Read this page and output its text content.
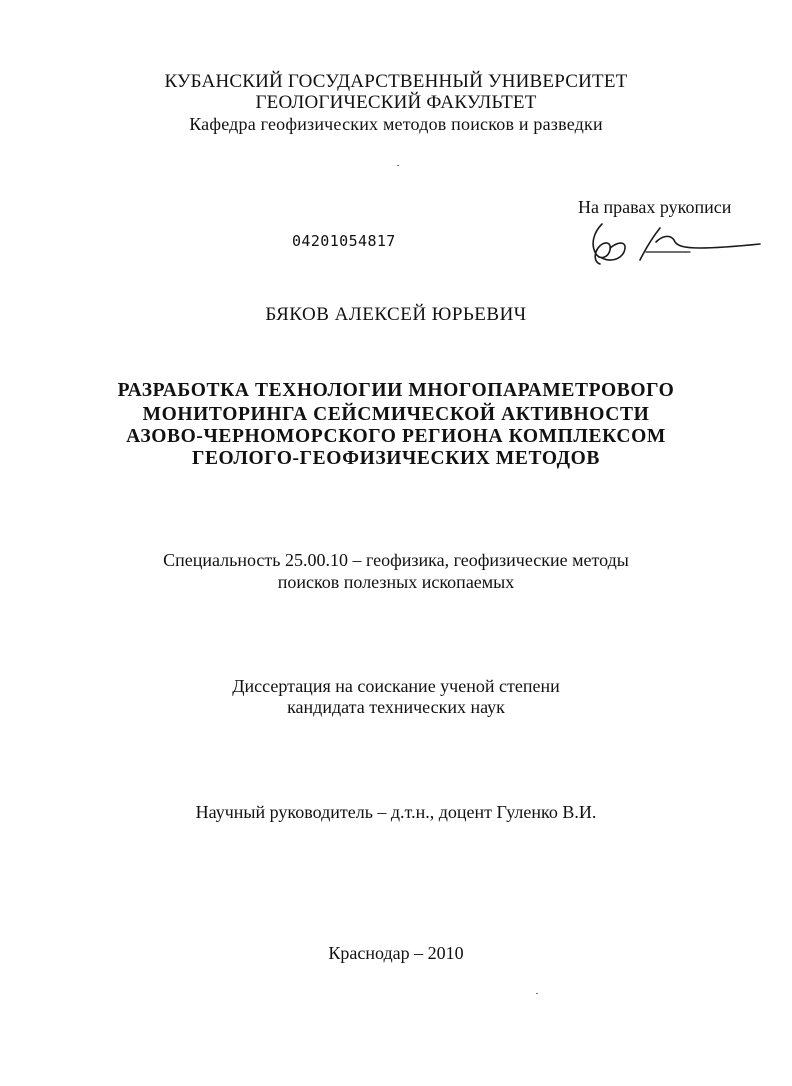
КУБАНСКИЙ ГОСУДАРСТВЕННЫЙ УНИВЕРСИТЕТ
ГЕОЛОГИЧЕСКИЙ ФАКУЛЬТЕТ
Кафедра геофизических методов поисков и разведки
На правах рукописи
04201054817
БЯКОВ АЛЕКСЕЙ ЮРЬЕВИЧ
РАЗРАБОТКА ТЕХНОЛОГИИ МНОГОПАРАМЕТРОВОГО
МОНИТОРИНГА СЕЙСМИЧЕСКОЙ АКТИВНОСТИ
АЗОВО-ЧЕРНОМОРСКОГО РЕГИОНА КОМПЛЕКСОМ
ГЕОЛОГО-ГЕОФИЗИЧЕСКИХ МЕТОДОВ
Специальность 25.00.10 – геофизика, геофизические методы
поисков полезных ископаемых
Диссертация на соискание ученой степени
кандидата технических наук
Научный руководитель – д.т.н., доцент Гуленко В.И.
Краснодар – 2010
